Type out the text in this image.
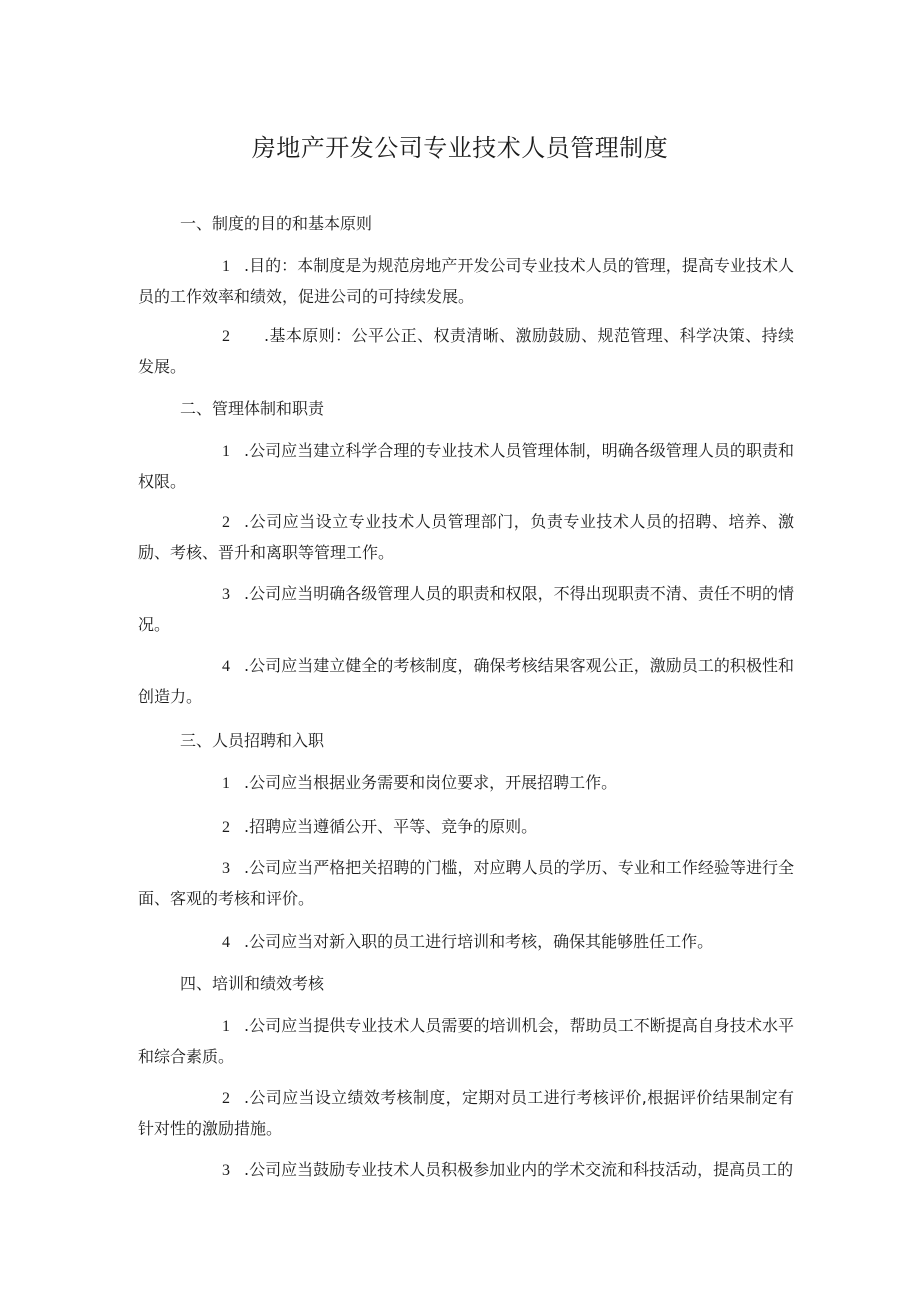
房地产开发公司专业技术人员管理制度

一、制度的目的和基本原则

1 .目的：本制度是为规范房地产开发公司专业技术人员的管理，提高专业技术人员的工作效率和绩效，促进公司的可持续发展。

2 .基本原则：公平公正、权责清晰、激励鼓励、规范管理、科学决策、持续发展。

二、管理体制和职责

1 .公司应当建立科学合理的专业技术人员管理体制，明确各级管理人员的职责和权限。

2 .公司应当设立专业技术人员管理部门，负责专业技术人员的招聘、培养、激励、考核、晋升和离职等管理工作。

3 .公司应当明确各级管理人员的职责和权限，不得出现职责不清、责任不明的情况。

4 .公司应当建立健全的考核制度，确保考核结果客观公正，激励员工的积极性和创造力。

三、人员招聘和入职

1 .公司应当根据业务需要和岗位要求，开展招聘工作。

2 .招聘应当遵循公开、平等、竞争的原则。

3 .公司应当严格把关招聘的门槛，对应聘人员的学历、专业和工作经验等进行全面、客观的考核和评价。

4 .公司应当对新入职的员工进行培训和考核，确保其能够胜任工作。

四、培训和绩效考核

1 .公司应当提供专业技术人员需要的培训机会，帮助员工不断提高自身技术水平和综合素质。

2 .公司应当设立绩效考核制度，定期对员工进行考核评价,根据评价结果制定有针对性的激励措施。

3 .公司应当鼓励专业技术人员积极参加业内的学术交流和科技活动，提高员工的
